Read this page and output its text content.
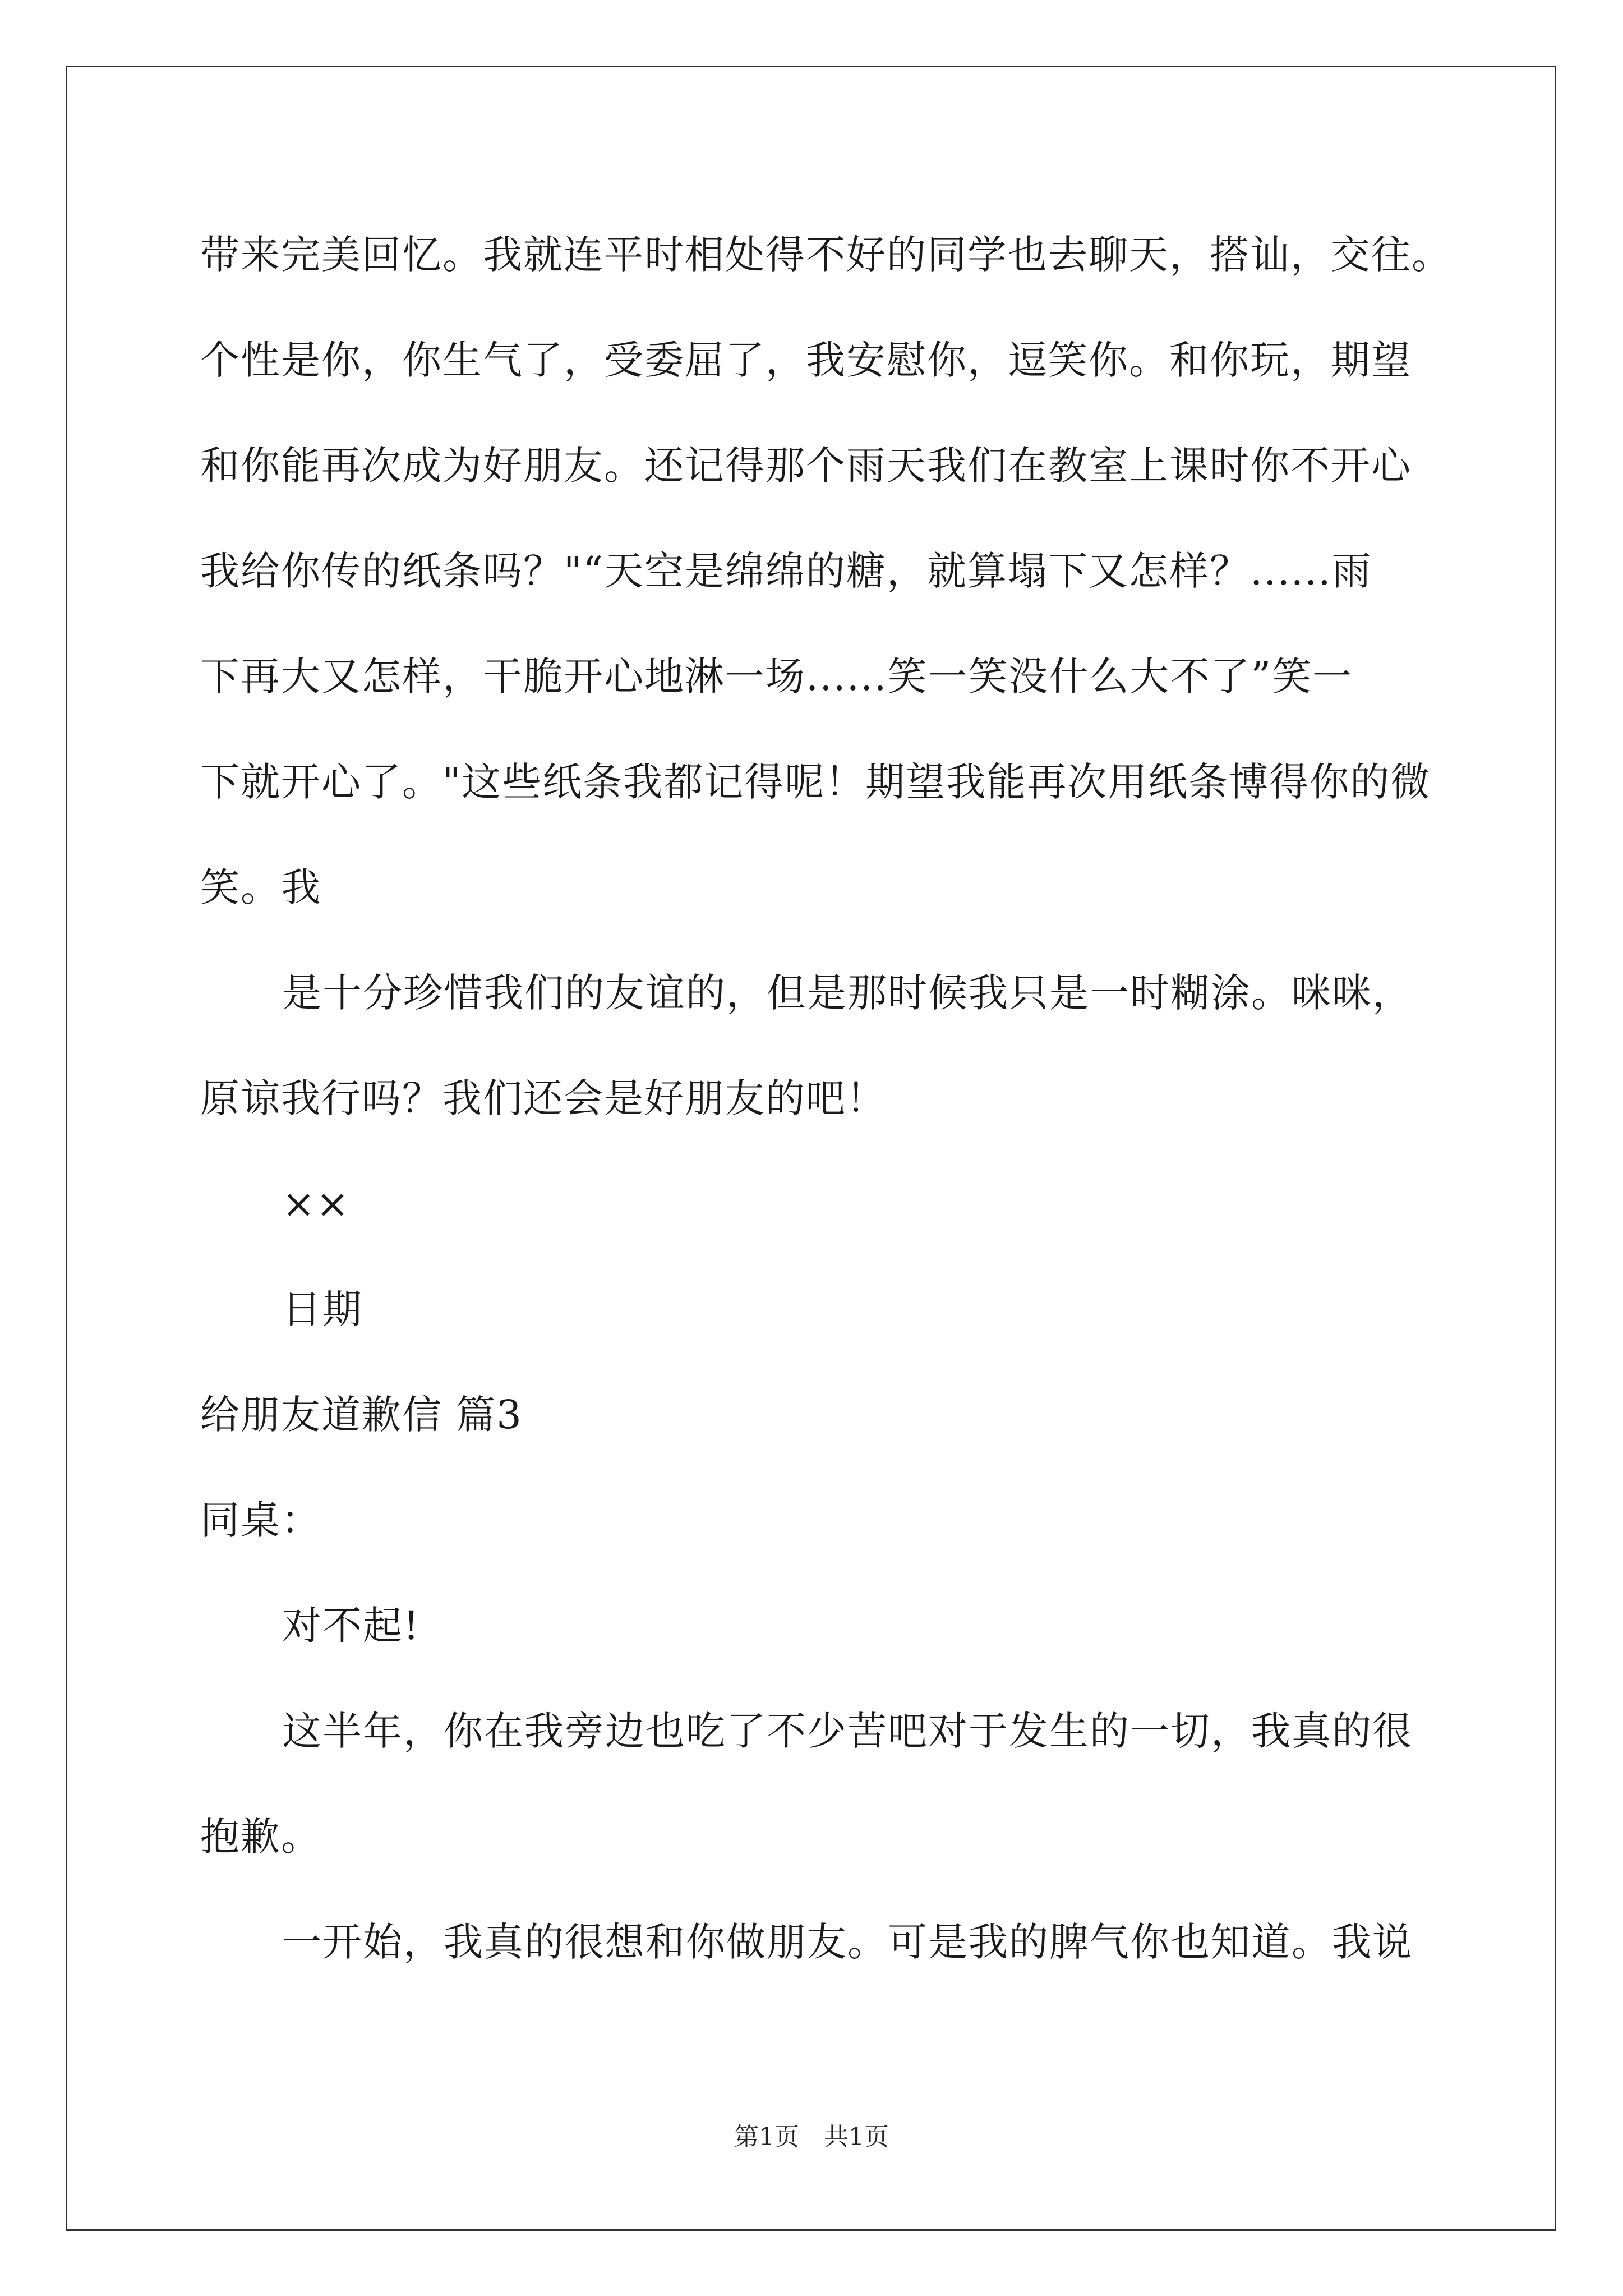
带来完美回忆。我就连平时相处得不好的同学也去聊天，搭讪，交往。
个性是你，你生气了，受委屈了，我安慰你，逗笑你。和你玩，期望
和你能再次成为好朋友。还记得那个雨天我们在教室上课时你不开心
我给你传的纸条吗？"“天空是绵绵的糖，就算塌下又怎样？......雨
下再大又怎样，干脆开心地淋一场......笑一笑没什么大不了”笑一
下就开心了。"这些纸条我都记得呢！期望我能再次用纸条博得你的微
笑。我
是十分珍惜我们的友谊的，但是那时候我只是一时糊涂。咪咪，
原谅我行吗？我们还会是好朋友的吧！
××
日期
给朋友道歉信 篇3
同桌：
对不起!
这半年，你在我旁边也吃了不少苦吧对于发生的一切，我真的很
抱歉。
一开始，我真的很想和你做朋友。可是我的脾气你也知道。我说
第1页 共1页
